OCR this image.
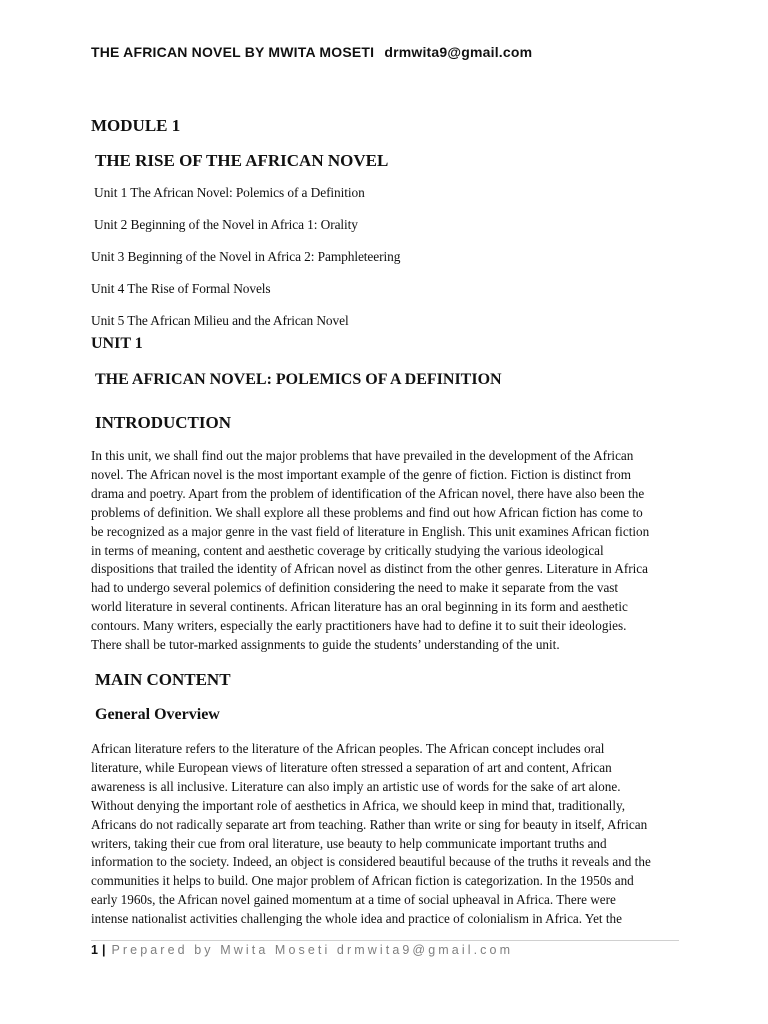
THE AFRICAN NOVEL BY MWITA MOSETI drmwita9@gmail.com
MODULE 1
THE RISE OF THE AFRICAN NOVEL
Unit 1 The African Novel: Polemics of a Definition
Unit 2 Beginning of the Novel in Africa 1: Orality
Unit 3 Beginning of the Novel in Africa 2: Pamphleteering
Unit 4 The Rise of Formal Novels
Unit 5 The African Milieu and the African Novel
UNIT 1
THE AFRICAN NOVEL: POLEMICS OF A DEFINITION
INTRODUCTION
In this unit, we shall find out the major problems that have prevailed in the development of the African
novel. The African novel is the most important example of the genre of fiction. Fiction is distinct from
drama and poetry. Apart from the problem of identification of the African novel, there have also been the
problems of definition. We shall explore all these problems and find out how African fiction has come to
be recognized as a major genre in the vast field of literature in English. This unit examines African fiction
in terms of meaning, content and aesthetic coverage by critically studying the various ideological
dispositions that trailed the identity of African novel as distinct from the other genres. Literature in Africa
had to undergo several polemics of definition considering the need to make it separate from the vast
world literature in several continents. African literature has an oral beginning in its form and aesthetic
contours. Many writers, especially the early practitioners have had to define it to suit their ideologies.
There shall be tutor-marked assignments to guide the students’ understanding of the unit.
MAIN CONTENT
General Overview
African literature refers to the literature of the African peoples. The African concept includes oral
literature, while European views of literature often stressed a separation of art and content, African
awareness is all inclusive. Literature can also imply an artistic use of words for the sake of art alone.
Without denying the important role of aesthetics in Africa, we should keep in mind that, traditionally,
Africans do not radically separate art from teaching. Rather than write or sing for beauty in itself, African
writers, taking their cue from oral literature, use beauty to help communicate important truths and
information to the society. Indeed, an object is considered beautiful because of the truths it reveals and the
communities it helps to build. One major problem of African fiction is categorization. In the 1950s and
early 1960s, the African novel gained momentum at a time of social upheaval in Africa. There were
intense nationalist activities challenging the whole idea and practice of colonialism in Africa. Yet the
1 | Prepared by Mwita Moseti drmwita9@gmail.com
